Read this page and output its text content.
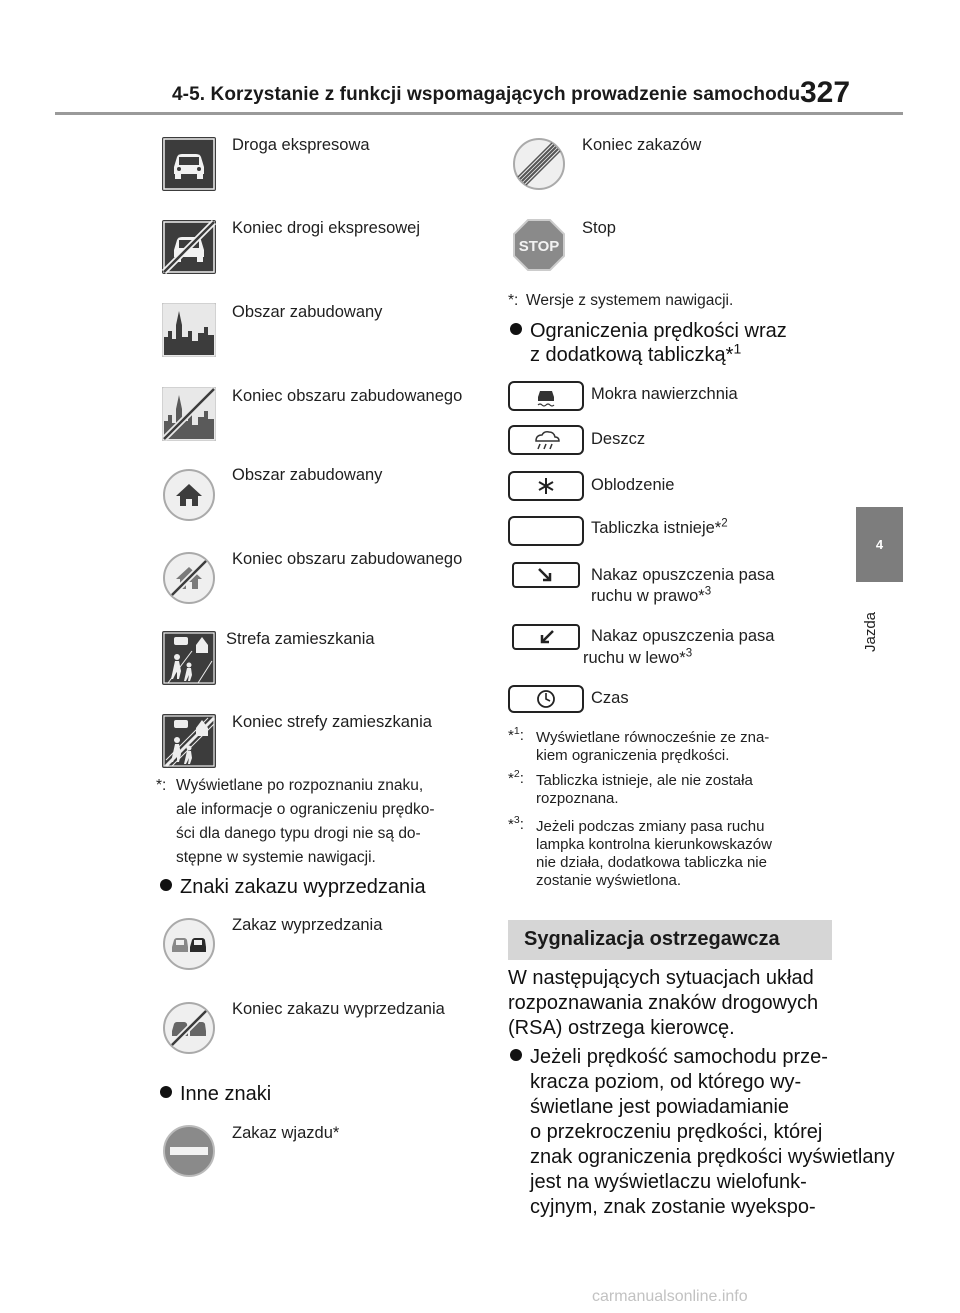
4-5. Korzystanie z funkcji wspomagających prowadzenie samochodu 327
4
Jazda
Droga ekspresowa
Koniec drogi ekspresowej
Obszar zabudowany
Koniec obszaru zabudowanego
Obszar zabudowany
Koniec obszaru zabudowanego
Strefa zamieszkania
Koniec strefy zamieszkania
*: Wyświetlane po rozpoznaniu znaku,
ale informacje o ograniczeniu prędko-
ści dla danego typu drogi nie są do-
stępne w systemie nawigacji.
Znaki zakazu wyprzedzania
Zakaz wyprzedzania
Koniec zakazu wyprzedzania
Inne znaki
Zakaz wjazdu*
Koniec zakazów
STOP
Stop
*: Wersje z systemem nawigacji.
Ograniczenia prędkości wraz
z dodatkową tabliczką*$^1$
Mokra nawierzchnia
Deszcz
Oblodzenie
Tabliczka istnieje*$^2$
Nakaz opuszczenia pasa
ruchu w prawo*$^3$
Nakaz opuszczenia pasa
ruchu w lewo*$^3$
Czas
*$^1$: Wyświetlane równocześnie ze zna-
kiem ograniczenia prędkości.
*$^2$: Tabliczka istnieje, ale nie została
rozpoznana.
*$^3$: Jeżeli podczas zmiany pasa ruchu
lampka kontrolna kierunkowskazów
nie działa, dodatkowa tabliczka nie
zostanie wyświetlona.
Sygnalizacja ostrzegawcza
W następujących sytuacjach układ
rozpoznawania znaków drogowych
(RSA) ostrzega kierowcę.
Jeżeli prędkość samochodu prze-
kracza poziom, od którego wy-
świetlane jest powiadamianie
o przekroczeniu prędkości, której
znak ograniczenia prędkości wyświetlany
jest na wyświetlaczu wielofunk-
cyjnym, znak zostanie wyekspo-
carmanualsonline.info
